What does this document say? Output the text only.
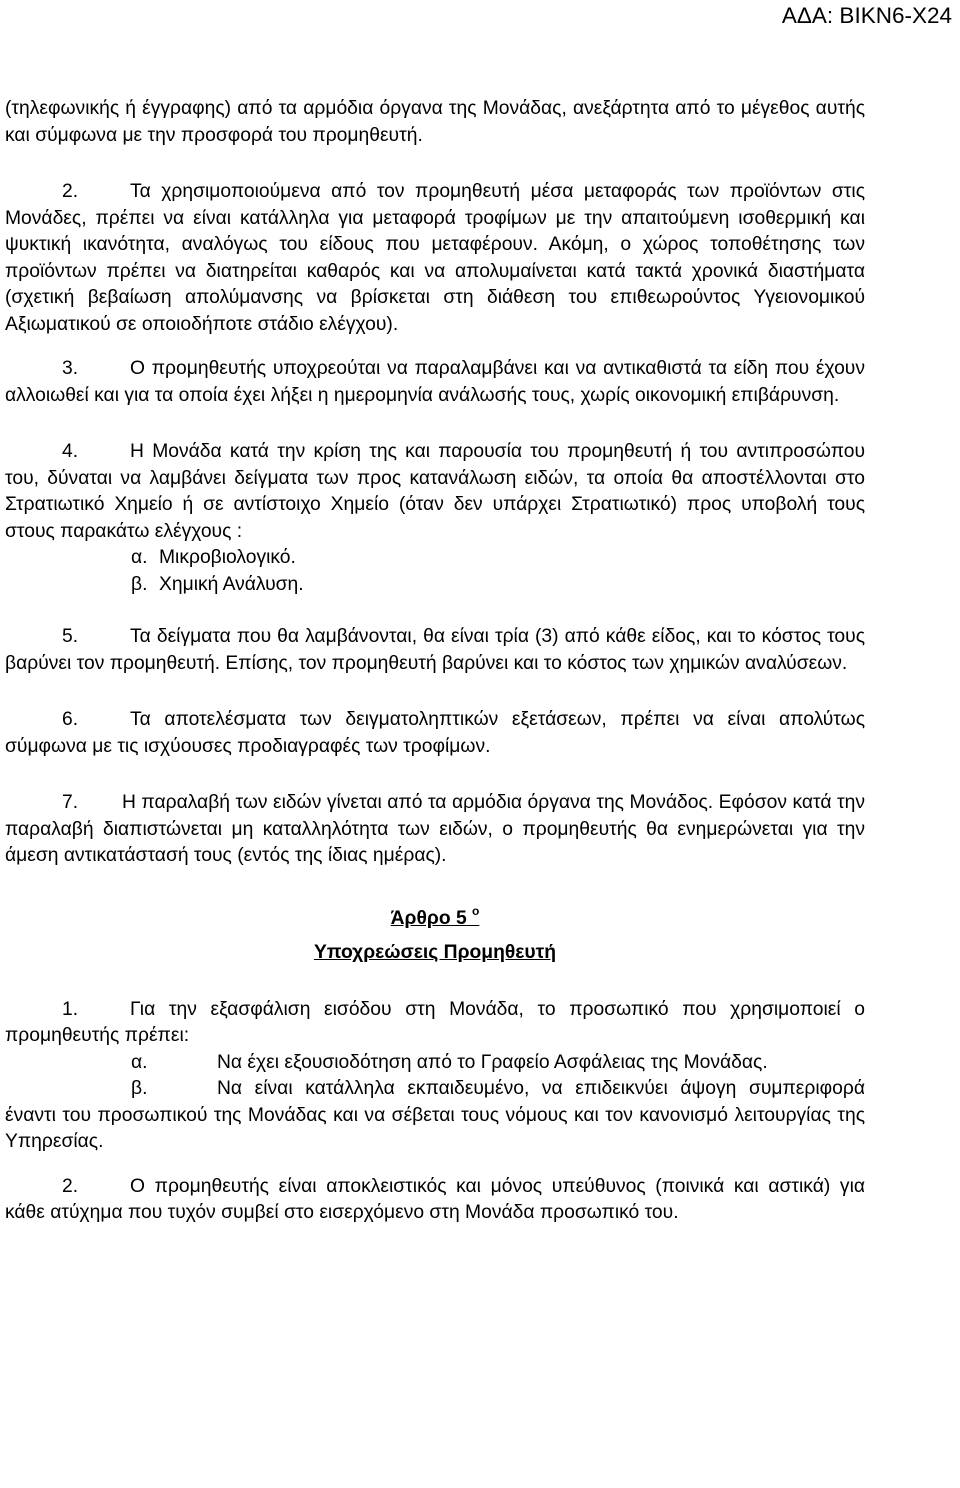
ΑΔΑ: ΒΙΚΝ6-Χ24

(τηλεφωνικής ή έγγραφης) από τα αρμόδια όργανα της Μονάδας, ανεξάρτητα από το μέγεθος αυτής και σύμφωνα με την προσφορά του προμηθευτή.

2.	Τα χρησιμοποιούμενα από τον προμηθευτή μέσα μεταφοράς των προϊόντων στις Μονάδες, πρέπει να είναι κατάλληλα για μεταφορά τροφίμων με την απαιτούμενη ισοθερμική και ψυκτική ικανότητα, αναλόγως του είδους που μεταφέρουν. Ακόμη, ο χώρος τοποθέτησης των προϊόντων πρέπει να διατηρείται καθαρός και να απολυμαίνεται κατά τακτά χρονικά διαστήματα (σχετική βεβαίωση απολύμανσης να βρίσκεται στη διάθεση του επιθεωρούντος Υγειονομικού Αξιωματικού σε οποιοδήποτε στάδιο ελέγχου).

3.	Ο προμηθευτής υποχρεούται να παραλαμβάνει και να αντικαθιστά τα είδη που έχουν αλλοιωθεί και για τα οποία έχει λήξει η ημερομηνία ανάλωσής τους, χωρίς οικονομική επιβάρυνση.

4.	Η Μονάδα κατά την κρίση της και παρουσία του προμηθευτή ή του αντιπροσώπου του, δύναται να λαμβάνει δείγματα των προς κατανάλωση ειδών, τα οποία θα αποστέλλονται στο Στρατιωτικό Χημείο ή σε αντίστοιχο Χημείο (όταν δεν υπάρχει Στρατιωτικό) προς υποβολή τους στους παρακάτω ελέγχους :

α. Μικροβιολογικό.

β. Χημική Ανάλυση.

5.	Τα δείγματα που θα λαμβάνονται, θα είναι τρία (3) από κάθε είδος, και το κόστος τους βαρύνει τον προμηθευτή. Επίσης, τον προμηθευτή βαρύνει και το κόστος των χημικών αναλύσεων.

6.	Τα αποτελέσματα των δειγματοληπτικών εξετάσεων, πρέπει να είναι απολύτως σύμφωνα με τις ισχύουσες προδιαγραφές των τροφίμων.

7. Η παραλαβή των ειδών γίνεται από τα αρμόδια όργανα της Μονάδος. Εφόσον κατά την παραλαβή διαπιστώνεται μη καταλληλότητα των ειδών, ο προμηθευτής θα ενημερώνεται για την άμεση αντικατάστασή τους (εντός της ίδιας ημέρας).

Άρθρο 5 $^o$

Υποχρεώσεις Προμηθευτή

1.	Για την εξασφάλιση εισόδου στη Μονάδα, το προσωπικό που χρησιμοποιεί ο προμηθευτής πρέπει:

α.	Να έχει εξουσιοδότηση από το Γραφείο Ασφάλειας της Μονάδας.

β.	Να είναι κατάλληλα εκπαιδευμένο, να επιδεικνύει άψογη συμπεριφορά έναντι του προσωπικού της Μονάδας και να σέβεται τους νόμους και τον κανονισμό λειτουργίας της Υπηρεσίας.

2.	Ο προμηθευτής είναι αποκλειστικός και μόνος υπεύθυνος (ποινικά και αστικά) για κάθε ατύχημα που τυχόν συμβεί στο εισερχόμενο στη Μονάδα προσωπικό του.
